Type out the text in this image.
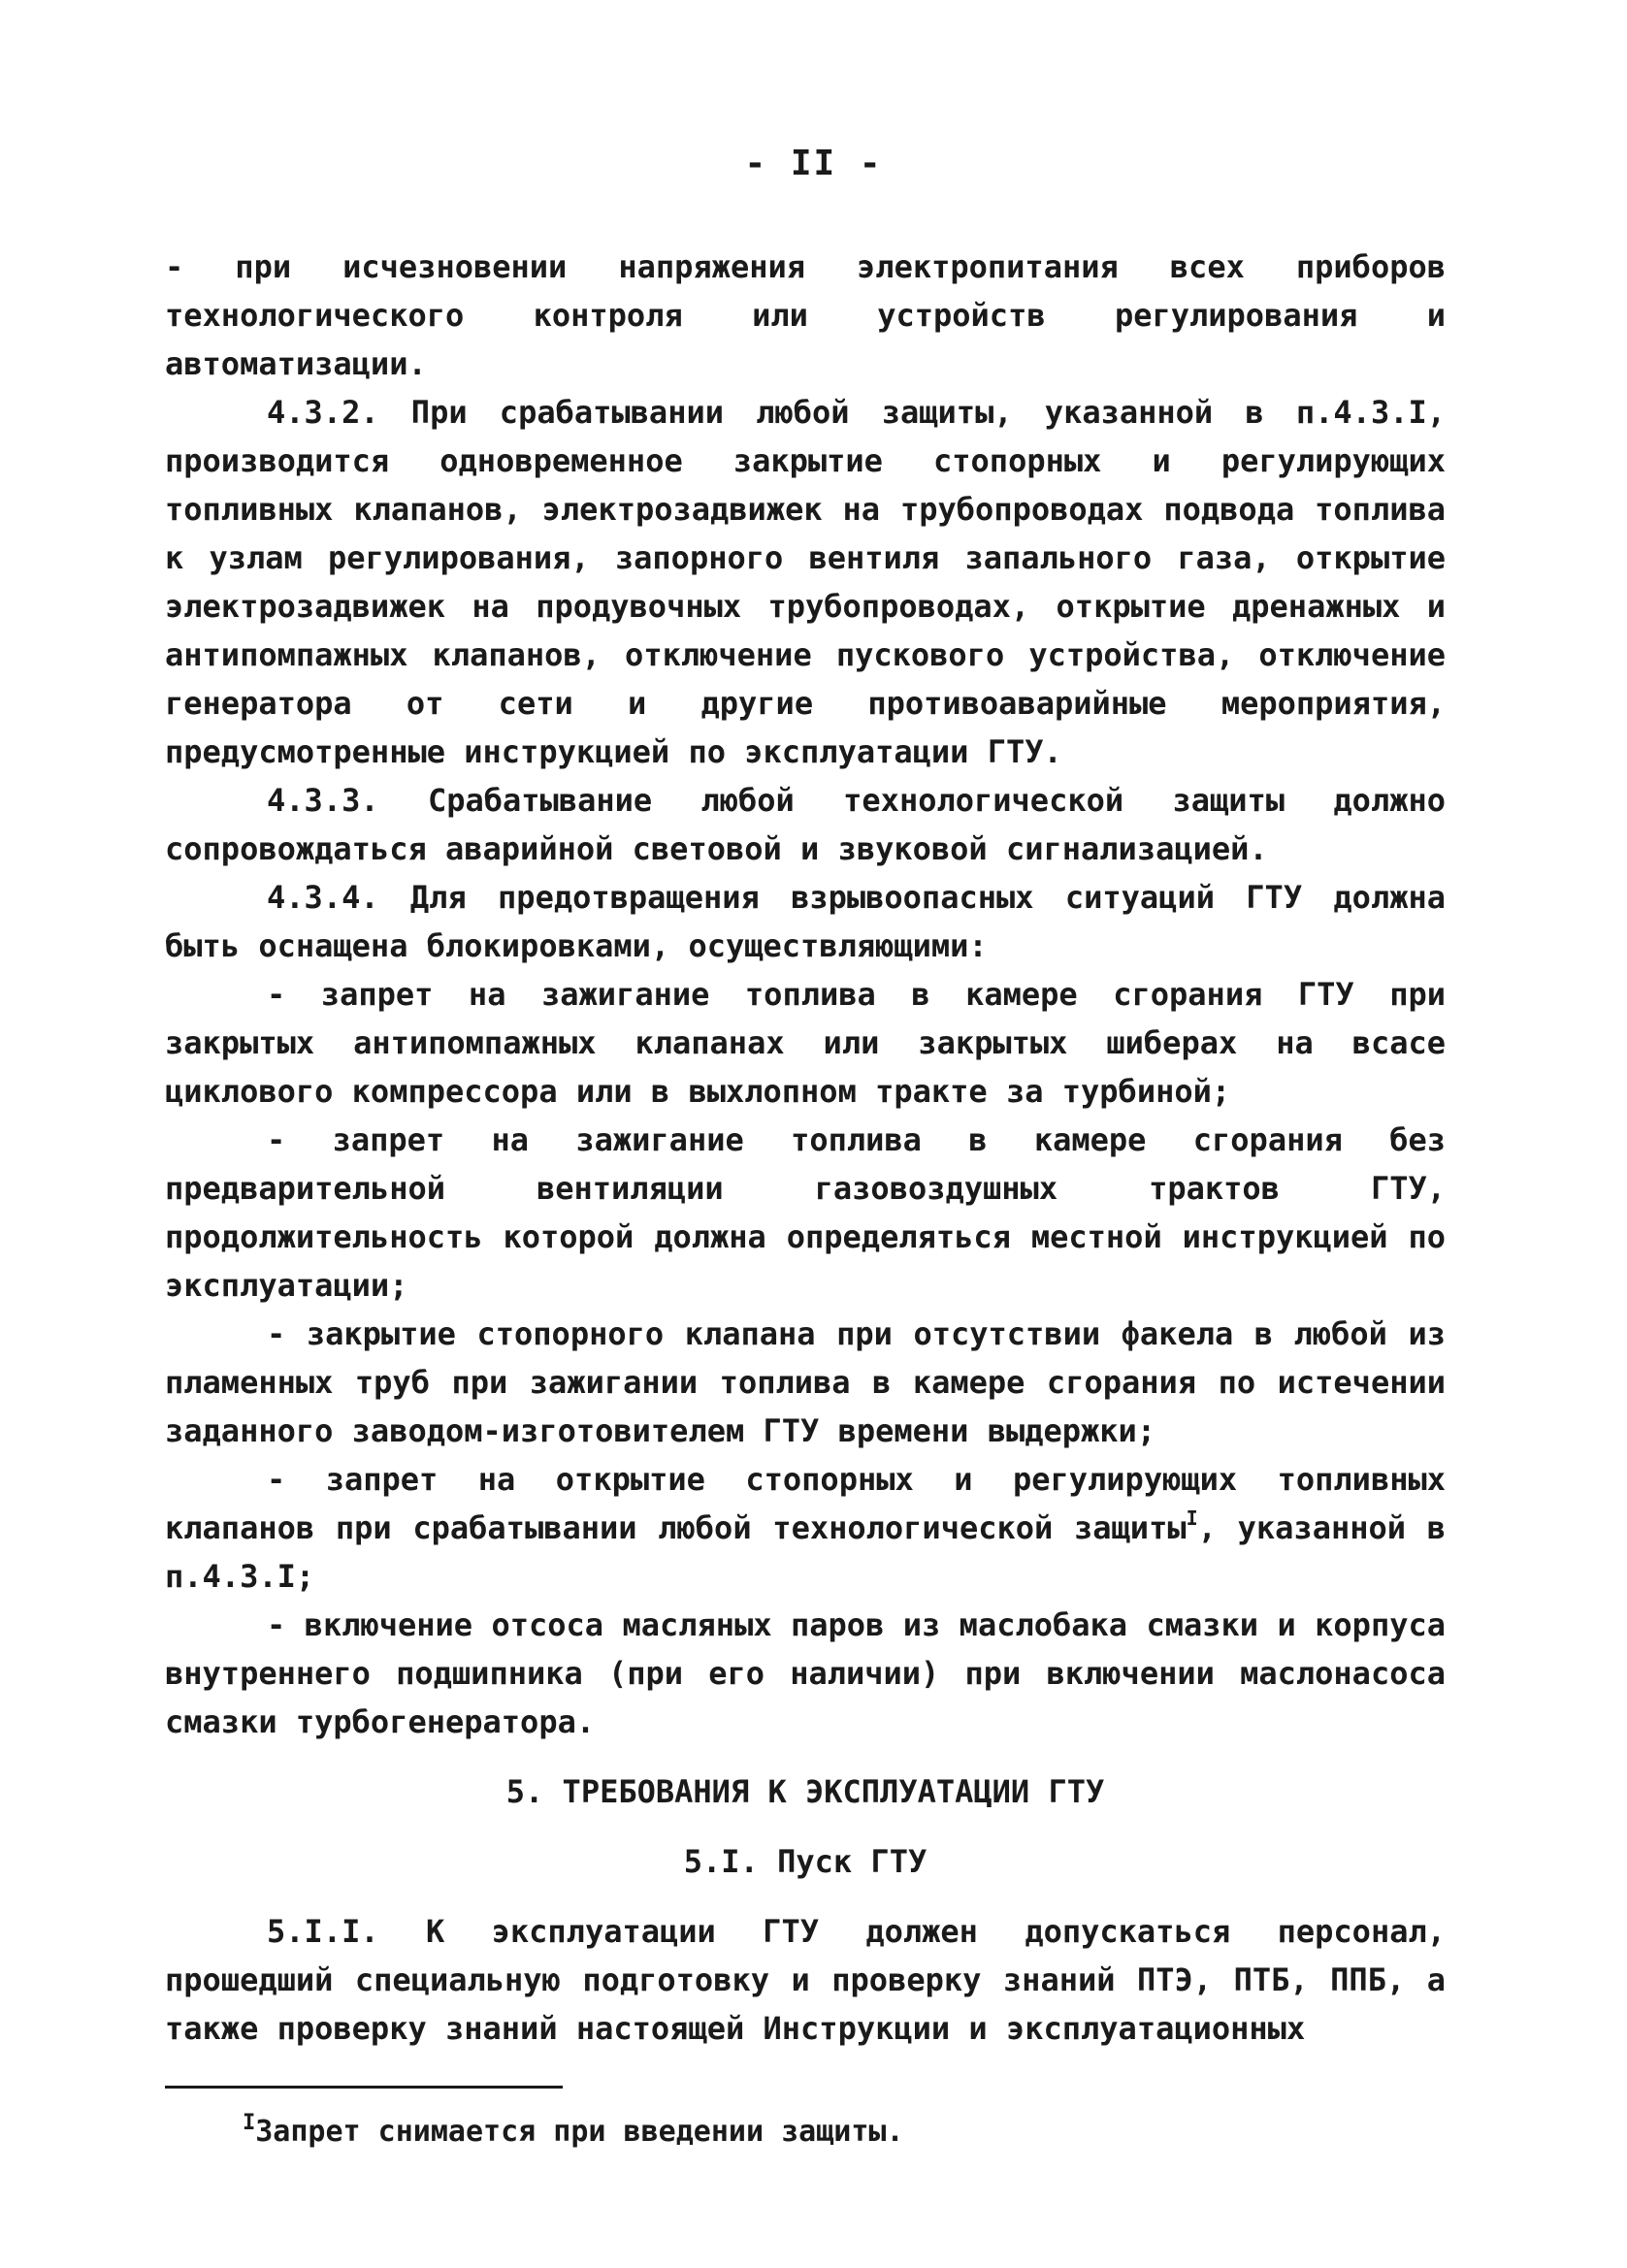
- II -

- при исчезновении напряжения электропитания всех приборов технологического контроля или устройств регулирования и автоматизации.

4.3.2. При срабатывании любой защиты, указанной в п.4.3.I, производится одновременное закрытие стопорных и регулирующих топливных клапанов, электрозадвижек на трубопроводах подвода топлива к узлам регулирования, запорного вентиля запального газа, открытие электрозадвижек на продувочных трубопроводах, открытие дренажных и антипомпажных клапанов, отключение пускового устройства, отключение генератора от сети и другие противоаварийные мероприятия, предусмотренные инструкцией по эксплуатации ГТУ.

4.3.3. Срабатывание любой технологической защиты должно сопровождаться аварийной световой и звуковой сигнализацией.

4.3.4. Для предотвращения взрывоопасных ситуаций ГТУ должна быть оснащена блокировками, осуществляющими:

- запрет на зажигание топлива в камере сгорания ГТУ при закрытых антипомпажных клапанах или закрытых шиберах на всасе циклового компрессора или в выхлопном тракте за турбиной;

- запрет на зажигание топлива в камере сгорания без предварительной вентиляции газовоздушных трактов ГТУ, продолжительность которой должна определяться местной инструкцией по эксплуатации;

- закрытие стопорного клапана при отсутствии факела в любой из пламенных труб при зажигании топлива в камере сгорания по истечении заданного заводом-изготовителем ГТУ времени выдержки;

- запрет на открытие стопорных и регулирующих топливных клапанов при срабатывании любой технологической защиты$^I$, указанной в п.4.3.I;

- включение отсоса масляных паров из маслобака смазки и корпуса внутреннего подшипника (при его наличии) при включении маслонасоса смазки турбогенератора.

5. ТРЕБОВАНИЯ К ЭКСПЛУАТАЦИИ ГТУ

5.I. Пуск ГТУ

5.I.I. К эксплуатации ГТУ должен допускаться персонал, прошедший специальную подготовку и проверку знаний ПТЭ, ПТБ, ППБ, а также проверку знаний настоящей Инструкции и эксплуатационных

$^I$Запрет снимается при введении защиты.
